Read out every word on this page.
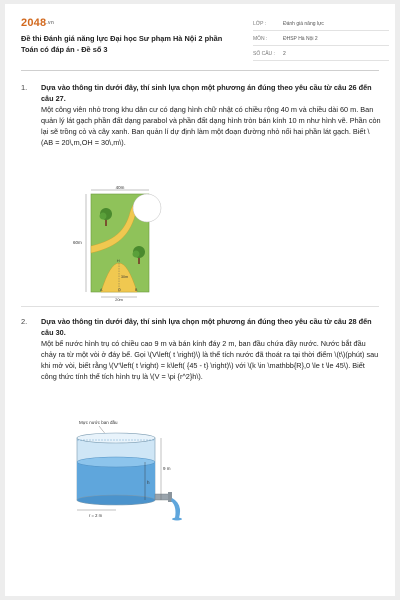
2048.vn
Đề thi Đánh giá năng lực Đại học Sư phạm Hà Nội 2 phần
Toán có đáp án - Đề số 3
LỚP :	Đánh giá năng lực
MÔN :	ĐHSP Hà Nội 2
SỐ CÂU : 2
1. Dựa vào thông tin dưới đây, thí sinh lựa chọn một phương án đúng theo yêu cầu từ câu 26 đến câu 27.

Một công viên nhỏ trong khu dân cư có dạng hình chữ nhật có chiều rộng 40 m và chiều dài 60 m. Ban quản lý lát gạch phần đất dạng parabol và phần đất dạng hình tròn bán kính 10 m như hình vẽ. Phần còn lại sẽ trồng cỏ và cây xanh. Ban quản lí dự định làm một đoạn đường nhỏ nối hai phần lát gạch. Biết \(AB = 20\,m,OH = 30\,m\).

40m
60m
20m
30m
H
A	O	B
2. Dựa vào thông tin dưới đây, thí sinh lựa chọn một phương án đúng theo yêu cầu từ câu 28 đến câu 30.

Một bể nước hình trụ có chiều cao 9 m và bán kính đáy 2 m, ban đầu chứa đầy nước. Nước bắt đầu chảy ra từ một vòi ở đáy bể. Gọi \(V\left( t \right)\) là thể tích nước đã thoát ra tại thời điểm \(t\)(phút) sau khi mở vòi, biết rằng \(V'\left( t \right) = k\left( {45 - t} \right)\) với \(k \in \mathbb{R},0 \le t \le 45\). Biết công thức tính thể tích hình trụ là \(V = \pi {r^2}h\).

Mực nước ban đầu
9 m
h
r = 2 m
